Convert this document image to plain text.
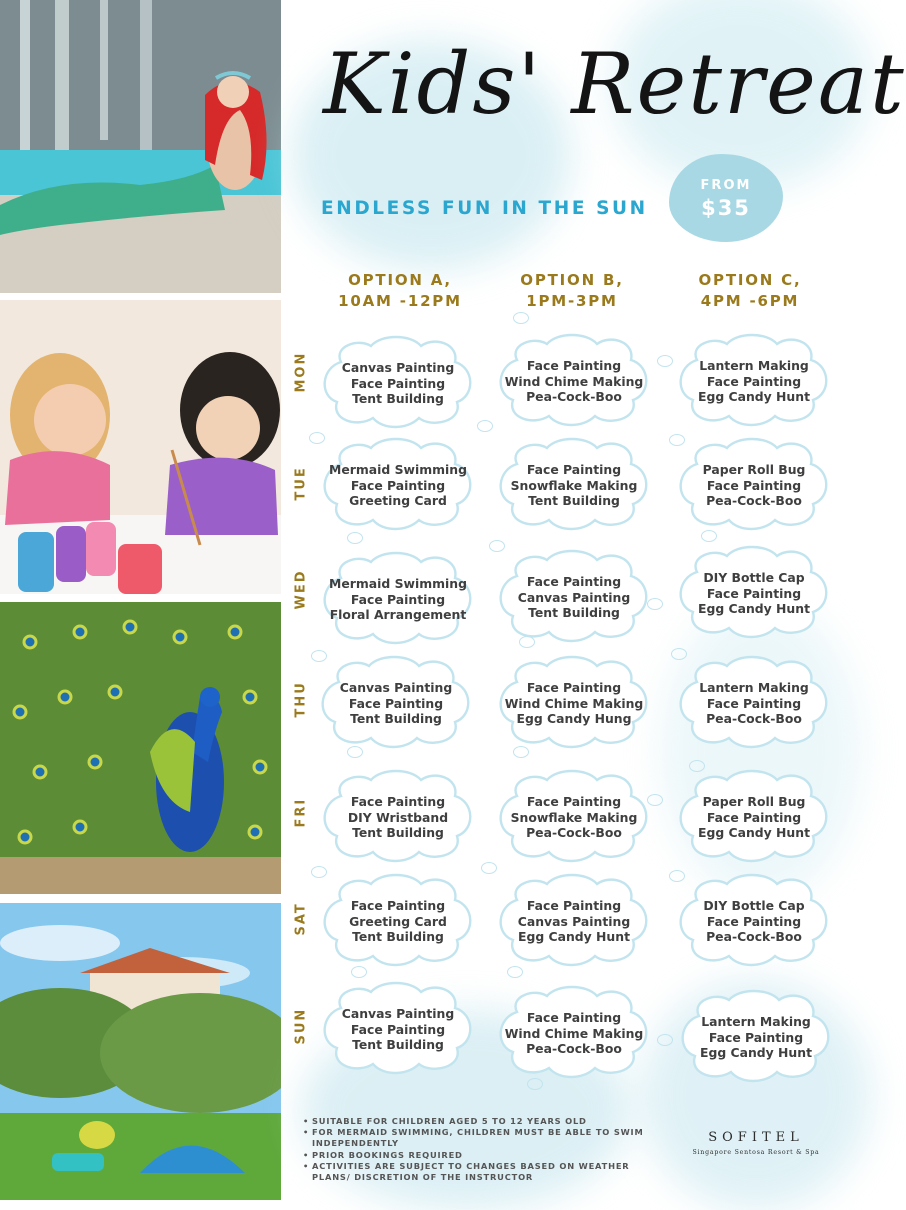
Kids' Retreat
ENDLESS FUN IN THE SUN
FROM
$35
OPTION A,
10AM -12PM
OPTION B,
1PM-3PM
OPTION C,
4PM -6PM
MON
TUE
WED
THU
FRI
SAT
SUN
Canvas Painting
Face Painting
Tent Building
Face Painting
Wind Chime Making
Pea-Cock-Boo
Lantern Making
Face Painting
Egg Candy Hunt
Mermaid Swimming
Face Painting
Greeting Card
Face Painting
Snowflake Making
Tent Building
Paper Roll Bug
Face Painting
Pea-Cock-Boo
Mermaid Swimming
Face Painting
Floral Arrangement
Face Painting
Canvas Painting
Tent Building
DIY Bottle Cap
Face Painting
Egg Candy Hunt
Canvas Painting
Face Painting
Tent Building
Face Painting
Wind Chime Making
Egg Candy Hung
Lantern Making
Face Painting
Pea-Cock-Boo
Face Painting
DIY Wristband
Tent Building
Face Painting
Snowflake Making
Pea-Cock-Boo
Paper Roll Bug
Face Painting
Egg Candy Hunt
Face Painting
Greeting Card
Tent Building
Face Painting
Canvas Painting
Egg Candy Hunt
DIY Bottle Cap
Face Painting
Pea-Cock-Boo
Canvas Painting
Face Painting
Tent Building
Face Painting
Wind Chime Making
Pea-Cock-Boo
Lantern Making
Face Painting
Egg Candy Hunt
• SUITABLE FOR CHILDREN AGED 5 TO 12 YEARS OLD
• FOR MERMAID SWIMMING, CHILDREN MUST BE ABLE TO SWIM INDEPENDENTLY
• PRIOR BOOKINGS REQUIRED
• ACTIVITIES ARE SUBJECT TO CHANGES BASED ON WEATHER PLANS/ DISCRETION OF THE INSTRUCTOR
SOFITEL
Singapore Sentosa Resort & Spa
